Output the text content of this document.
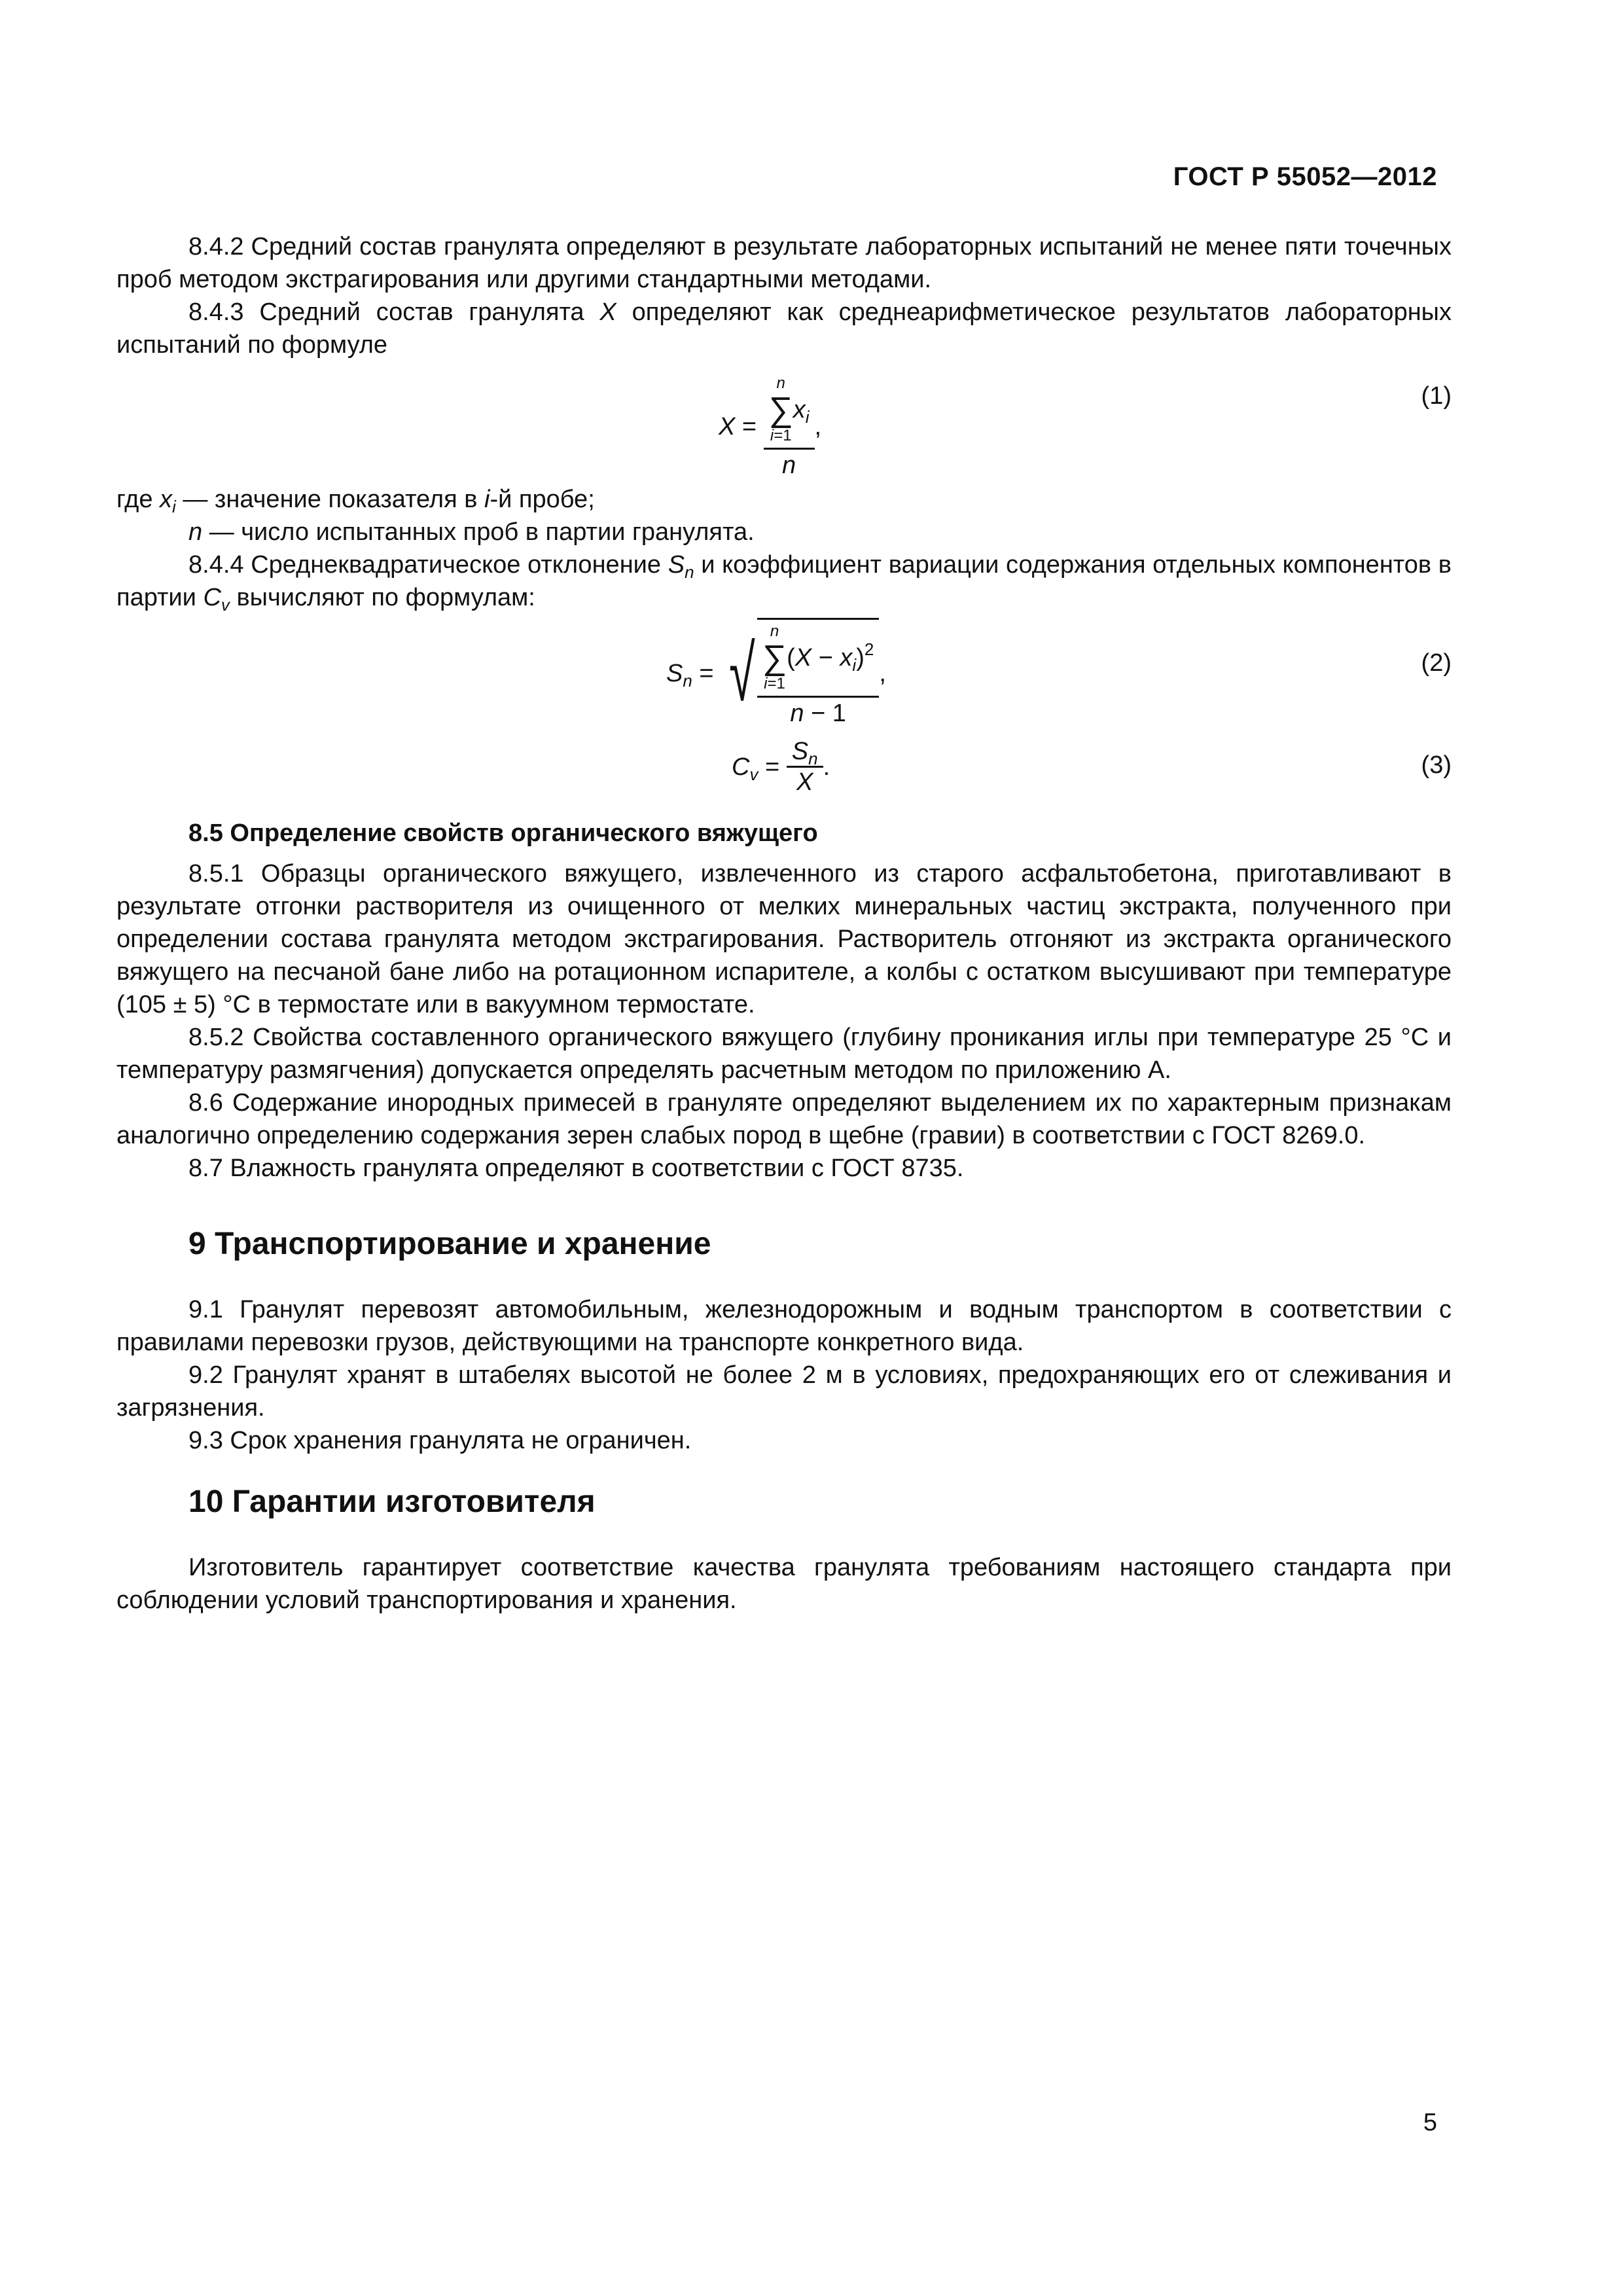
ГОСТ Р 55052—2012

8.4.2 Средний состав гранулята определяют в результате лабораторных испытаний не менее пяти точечных проб методом экстрагирования или другими стандартными методами.

8.4.3 Средний состав гранулята X определяют как среднеарифметическое результатов лабораторных испытаний по формуле

X = n
∑
i=1
$x_i$
n ,
(1)

где $x_i$ — значение показателя в i-й пробе;

n — число испытанных проб в партии гранулята.

8.4.4 Среднеквадратическое отклонение $S_n$ и коэффициент вариации содержания отдельных компонентов в партии $C_v$ вычисляют по формулам:

$S_n$ = √ n
∑
i=1
$(X - x_i)^2$
n − 1 ,	(2)
$C_v = \frac{S_n}{X}$ .	(3)

8.5 Определение свойств органического вяжущего

8.5.1 Образцы органического вяжущего, извлеченного из старого асфальтобетона, приготавливают в результате отгонки растворителя из очищенного от мелких минеральных частиц экстракта, полученного при определении состава гранулята методом экстрагирования. Растворитель отгоняют из экстракта органического вяжущего на песчаной бане либо на ротационном испарителе, а колбы с остатком высушивают при температуре (105 ± 5) °С в термостате или в вакуумном термостате.

8.5.2 Свойства составленного органического вяжущего (глубину проникания иглы при температуре 25 °С и температуру размягчения) допускается определять расчетным методом по приложению А.

8.6 Содержание инородных примесей в грануляте определяют выделением их по характерным признакам аналогично определению содержания зерен слабых пород в щебне (гравии) в соответствии с ГОСТ 8269.0.

8.7 Влажность гранулята определяют в соответствии с ГОСТ 8735.

9 Транспортирование и хранение

9.1 Гранулят перевозят автомобильным, железнодорожным и водным транспортом в соответствии с правилами перевозки грузов, действующими на транспорте конкретного вида.

9.2 Гранулят хранят в штабелях высотой не более 2 м в условиях, предохраняющих его от слеживания и загрязнения.

9.3 Срок хранения гранулята не ограничен.

10 Гарантии изготовителя

Изготовитель гарантирует соответствие качества гранулята требованиям настоящего стандарта при соблюдении условий транспортирования и хранения.

5
